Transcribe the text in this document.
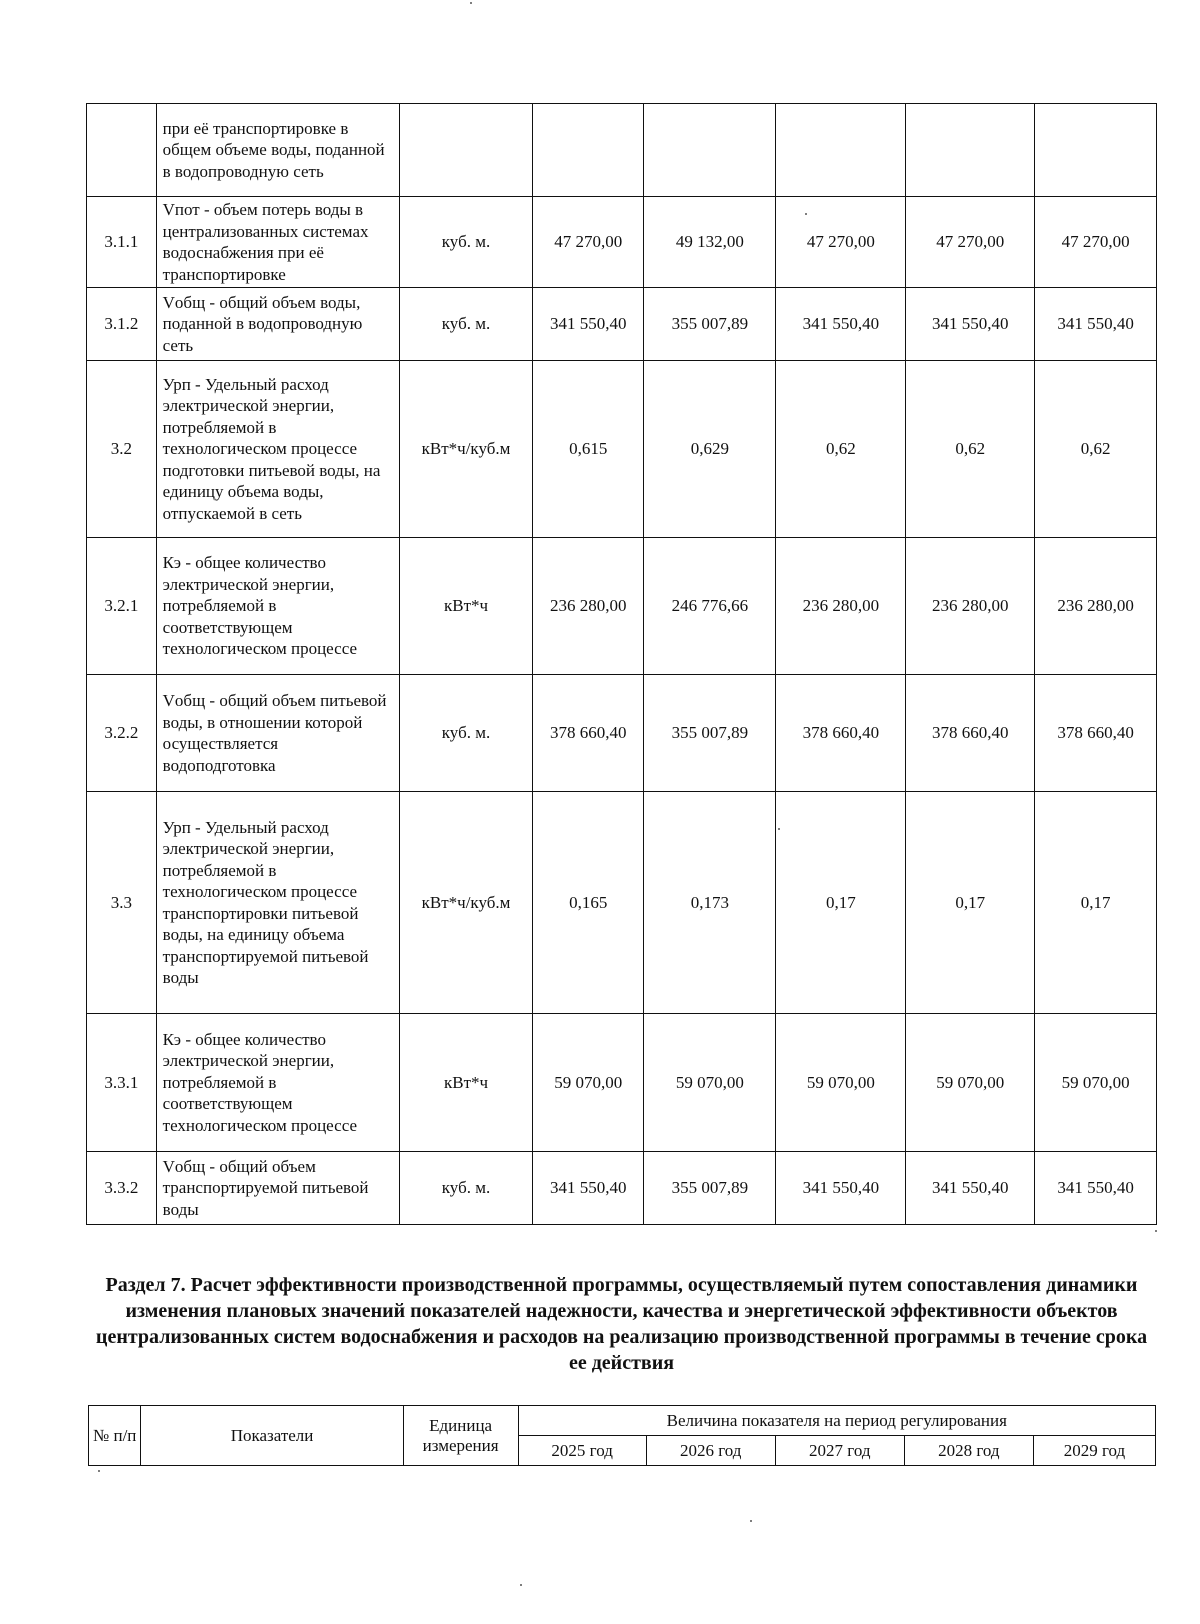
	при её транспортировке в общем объеме воды, поданной в водопроводную сеть						
3.1.1	Vпот - объем потерь воды в централизованных системах водоснабжения при её транспортировке	куб. м.	47 270,00	49 132,00	47 270,00	47 270,00	47 270,00
3.1.2	Vобщ - общий объем воды, поданной в водопроводную сеть	куб. м.	341 550,40	355 007,89	341 550,40	341 550,40	341 550,40
3.2	Урп - Удельный расход электрической энергии, потребляемой в технологическом процессе подготовки питьевой воды, на единицу объема воды, отпускаемой в сеть	кВт*ч/куб.м	0,615	0,629	0,62	0,62	0,62
3.2.1	Кэ - общее количество электрической энергии, потребляемой в соответствующем технологическом процессе	кВт*ч	236 280,00	246 776,66	236 280,00	236 280,00	236 280,00
3.2.2	Vобщ - общий объем питьевой воды, в отношении которой осуществляется водоподготовка	куб. м.	378 660,40	355 007,89	378 660,40	378 660,40	378 660,40
3.3	Урп - Удельный расход электрической энергии, потребляемой в технологическом процессе транспортировки питьевой воды, на единицу объема транспортируемой питьевой воды	кВт*ч/куб.м	0,165	0,173	0,17	0,17	0,17
3.3.1	Кэ - общее количество электрической энергии, потребляемой в соответствующем технологическом процессе	кВт*ч	59 070,00	59 070,00	59 070,00	59 070,00	59 070,00
3.3.2	Vобщ - общий объем транспортируемой питьевой воды	куб. м.	341 550,40	355 007,89	341 550,40	341 550,40	341 550,40
Раздел 7. Расчет эффективности производственной программы, осуществляемый путем сопоставления динамики изменения плановых значений показателей надежности, качества и энергетической эффективности объектов централизованных систем водоснабжения и расходов на реализацию производственной программы в течение срока ее действия
№ п/п	Показатели	Единица измерения	Величина показателя на период регулирования				
			2025 год	2026 год	2027 год	2028 год	2029 год
